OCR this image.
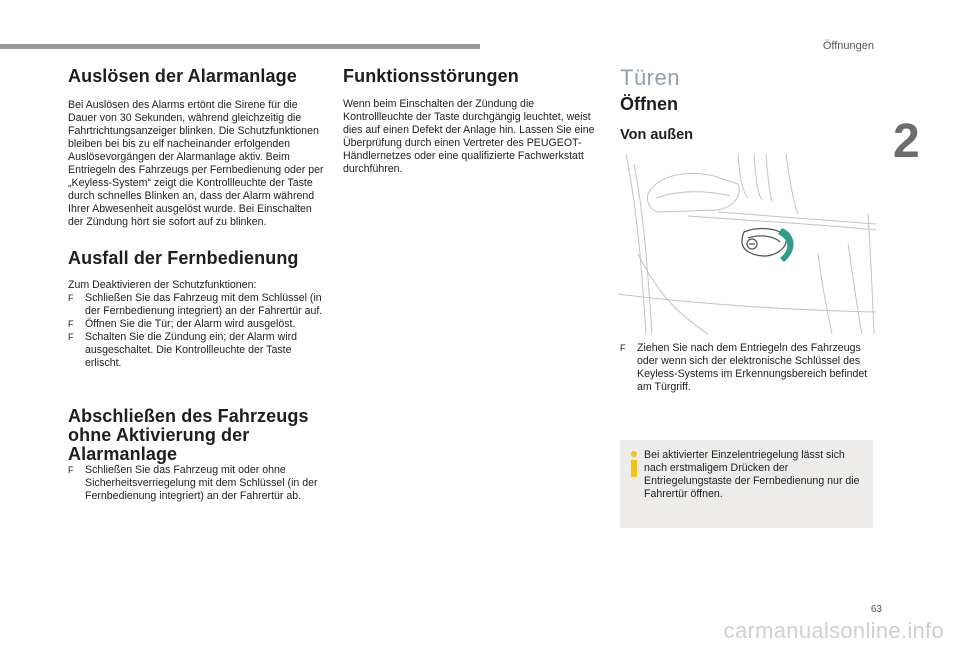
Öffnungen
2
Auslösen der Alarmanlage

Bei Auslösen des Alarms ertönt die Sirene für die Dauer von 30 Sekunden, während gleichzeitig die Fahrtrichtungsanzeiger blinken. Die Schutzfunktionen bleiben bei bis zu elf nacheinander erfolgenden Auslösevorgängen der Alarmanlage aktiv. Beim Entriegeln des Fahrzeugs per Fernbedienung oder per „Keyless-System“ zeigt die Kontrollleuchte der Taste durch schnelles Blinken an, dass der Alarm während Ihrer Abwesenheit ausgelöst wurde. Bei Einschalten der Zündung hört sie sofort auf zu blinken.

Ausfall der Fernbedienung

Zum Deaktivieren der Schutzfunktionen:

F Schließen Sie das Fahrzeug mit dem Schlüssel (in der Fernbedienung integriert) an der Fahrertür auf.
F Öffnen Sie die Tür; der Alarm wird ausgelöst.
F Schalten Sie die Zündung ein; der Alarm wird ausgeschaltet. Die Kontrollleuchte der Taste erlischt.
Abschließen des Fahrzeugs ohne Aktivierung der Alarmanlage
F Schließen Sie das Fahrzeug mit oder ohne Sicherheitsverriegelung mit dem Schlüssel (in der Fernbedienung integriert) an der Fahrertür ab.
Funktionsstörungen

Wenn beim Einschalten der Zündung die Kontrollleuchte der Taste durchgängig leuchtet, weist dies auf einen Defekt der Anlage hin. Lassen Sie eine Überprüfung durch einen Vertreter des PEUGEOT-Händlernetzes oder eine qualifizierte Fachwerkstatt durchführen.

Türen
Öffnen
Von außen
F Ziehen Sie nach dem Entriegeln des Fahrzeugs oder wenn sich der elektronische Schlüssel des Keyless-Systems im Erkennungsbereich befindet am Türgriff.

Bei aktivierter Einzelentriegelung lässt sich nach erstmaligem Drücken der Entriegelungstaste der Fernbedienung nur die Fahrertür öffnen.

63
carmanualsonline.info
